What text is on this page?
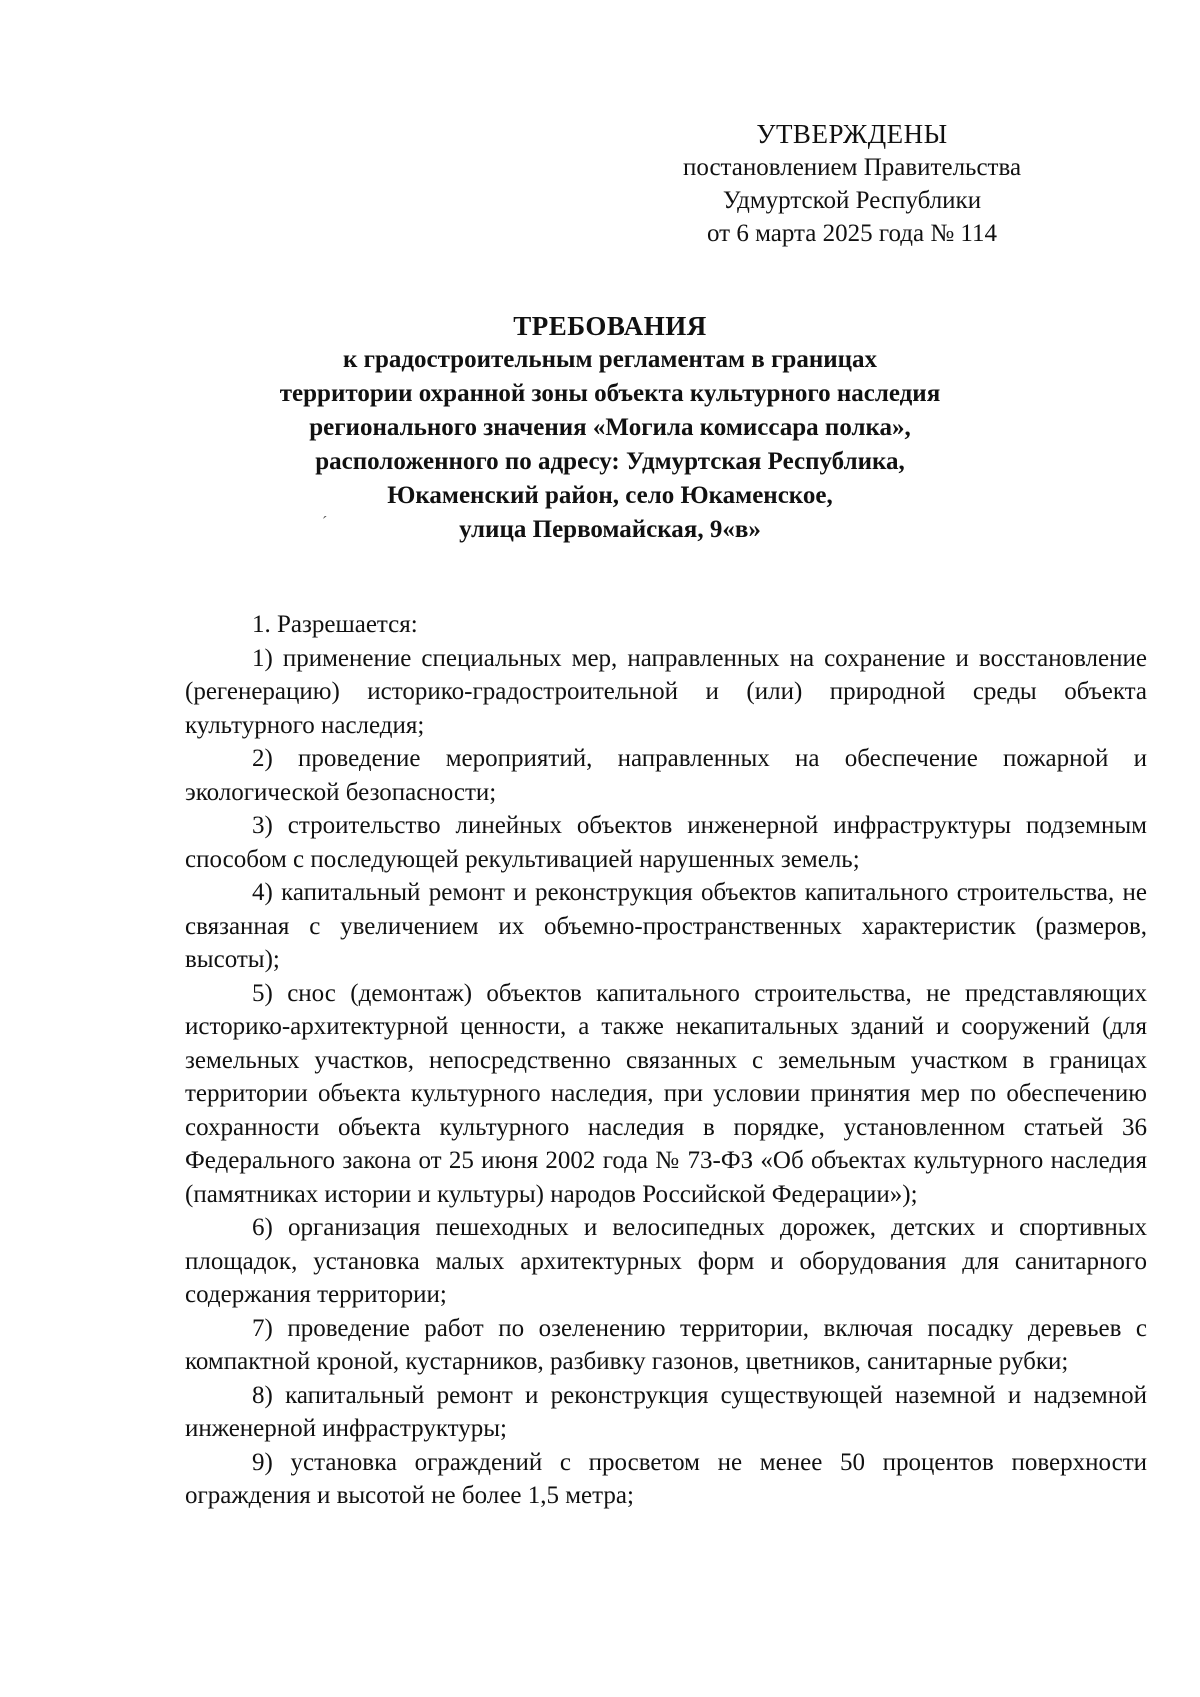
УТВЕРЖДЕНЫ
постановлением Правительства
Удмуртской Республики
от 6 марта 2025 года № 114
ТРЕБОВАНИЯ
к градостроительным регламентам в границах
территории охранной зоны объекта культурного наследия
регионального значения «Могила комиссара полка»,
расположенного по адресу: Удмуртская Республика,
Юкаменский район, село Юкаменское,
улица Первомайская, 9«в»
´

1. Разрешается:

1) применение специальных мер, направленных на сохранение и восстановление (регенерацию) историко-градостроительной и (или) природной среды объекта культурного наследия;

2) проведение мероприятий, направленных на обеспечение пожарной и экологической безопасности;

3) строительство линейных объектов инженерной инфраструктуры подземным способом с последующей рекультивацией нарушенных земель;

4) капитальный ремонт и реконструкция объектов капитального строительства, не связанная с увеличением их объемно-пространственных характеристик (размеров, высоты);

5) снос (демонтаж) объектов капитального строительства, не представляющих историко-архитектурной ценности, а также некапитальных зданий и сооружений (для земельных участков, непосредственно связанных с земельным участком в границах территории объекта культурного наследия, при условии принятия мер по обеспечению сохранности объекта культурного наследия в порядке, установленном статьей 36 Федерального закона от 25 июня 2002 года № 73-ФЗ «Об объектах культурного наследия (памятниках истории и культуры) народов Российской Федерации»);

6) организация пешеходных и велосипедных дорожек, детских и спортивных площадок, установка малых архитектурных форм и оборудования для санитарного содержания территории;

7) проведение работ по озеленению территории, включая посадку деревьев с компактной кроной, кустарников, разбивку газонов, цветников, санитарные рубки;

8) капитальный ремонт и реконструкция существующей наземной и надземной инженерной инфраструктуры;

9) установка ограждений с просветом не менее 50 процентов поверхности ограждения и высотой не более 1,5 метра;
